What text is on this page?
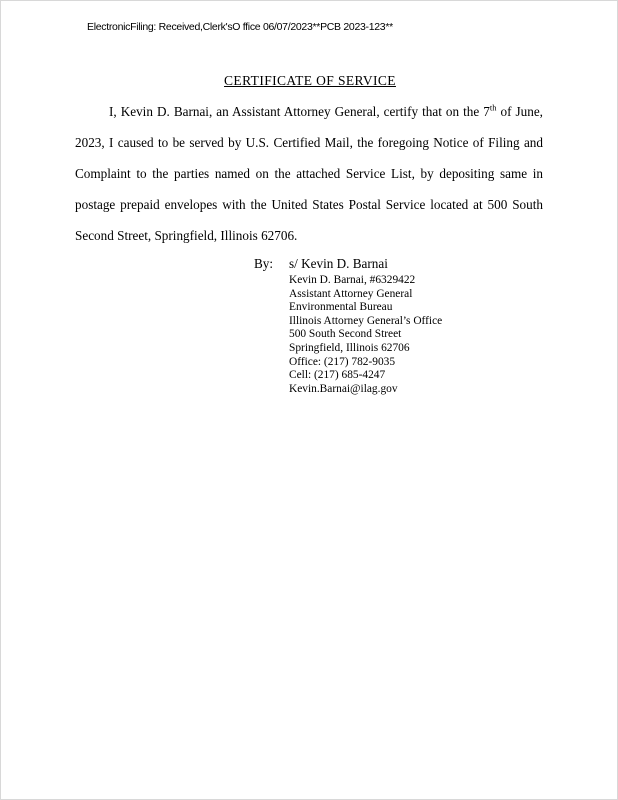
ElectronicFiling: Received,Clerk'sO ffice 06/07/2023**PCB 2023-123**
CERTIFICATE OF SERVICE
I, Kevin D. Barnai, an Assistant Attorney General, certify that on the 7th of June, 2023, I caused to be served by U.S. Certified Mail, the foregoing Notice of Filing and Complaint to the parties named on the attached Service List, by depositing same in postage prepaid envelopes with the United States Postal Service located at 500 South Second Street, Springfield, Illinois 62706.
By: s/ Kevin D. Barnai
Kevin D. Barnai, #6329422
Assistant Attorney General
Environmental Bureau
Illinois Attorney General’s Office
500 South Second Street
Springfield, Illinois 62706
Office: (217) 782-9035
Cell: (217) 685-4247
Kevin.Barnai@ilag.gov
